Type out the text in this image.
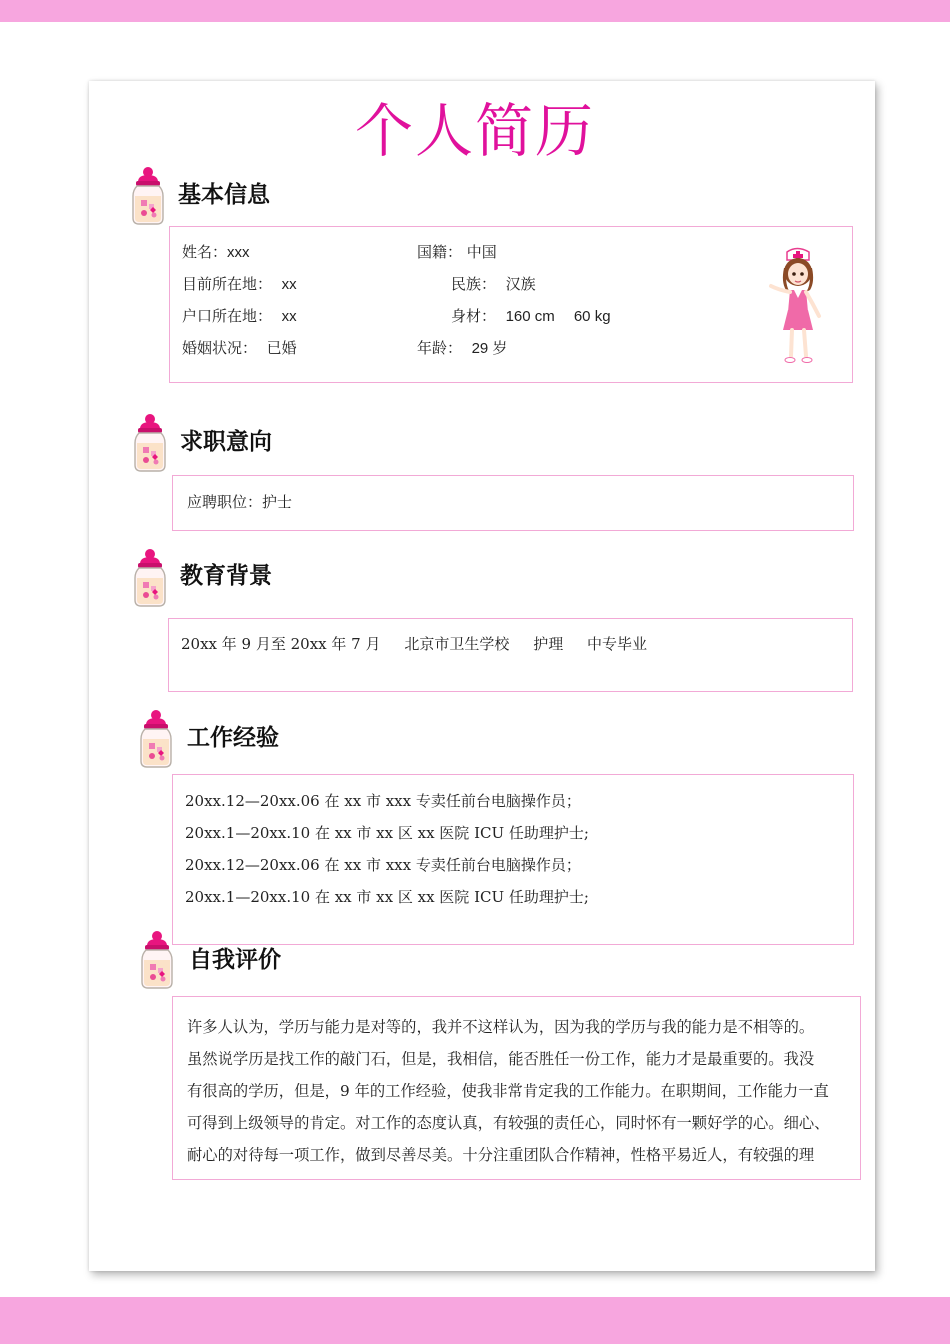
个人简历
基本信息
姓名：xxx	国籍： 中国
目前所在地： xx	民族： 汉族
户口所在地： xx	身材： 160 cm 60 kg
婚姻状况： 已婚	年龄： 29 岁
求职意向
应聘职位：护士
教育背景
20xx 年 9 月至 20xx 年 7 月 北京市卫生学校 护理 中专毕业
工作经验
20xx.12—20xx.06 在 xx 市 xxx 专卖任前台电脑操作员；
20xx.1—20xx.10 在 xx 市 xx 区 xx 医院 ICU 任助理护士;
20xx.12—20xx.06 在 xx 市 xxx 专卖任前台电脑操作员；
20xx.1—20xx.10 在 xx 市 xx 区 xx 医院 ICU 任助理护士;
自我评价
许多人认为，学历与能力是对等的，我并不这样认为，因为我的学历与我的能力是不相等的。
虽然说学历是找工作的敲门石，但是，我相信，能否胜任一份工作，能力才是最重要的。我没
有很高的学历，但是，9 年的工作经验，使我非常肯定我的工作能力。在职期间，工作能力一直
可得到上级领导的肯定。对工作的态度认真，有较强的责任心，同时怀有一颗好学的心。细心、
耐心的对待每一项工作，做到尽善尽美。十分注重团队合作精神，性格平易近人，有较强的理
